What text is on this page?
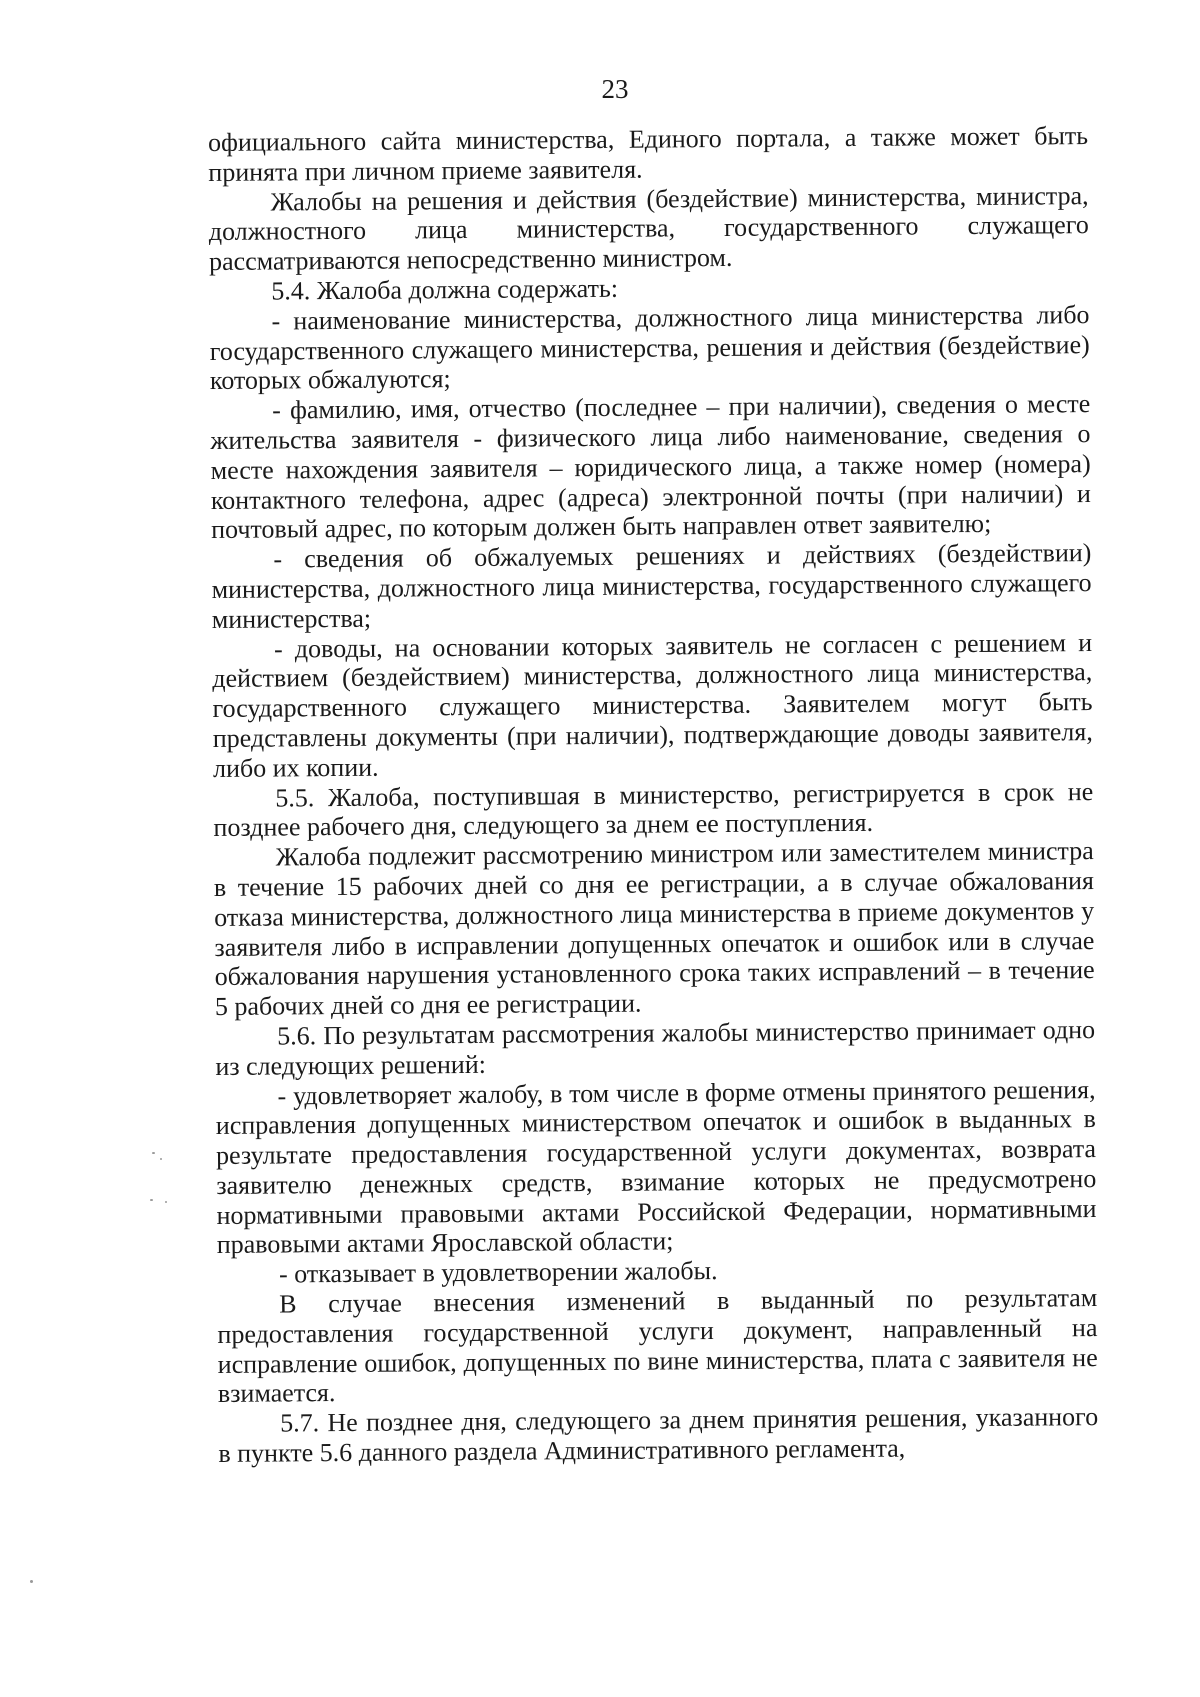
23

официального сайта министерства, Единого портала, а также может быть принята при личном приеме заявителя.

Жалобы на решения и действия (бездействие) министерства, министра, должностного лица министерства, государственного служащего рассматриваются непосредственно министром.

5.4. Жалоба должна содержать:

- наименование министерства, должностного лица министерства либо государственного служащего министерства, решения и действия (бездействие) которых обжалуются;

- фамилию, имя, отчество (последнее – при наличии), сведения о месте жительства заявителя - физического лица либо наименование, сведения о месте нахождения заявителя – юридического лица, а также номер (номера) контактного телефона, адрес (адреса) электронной почты (при наличии) и почтовый адрес, по которым должен быть направлен ответ заявителю;

- сведения об обжалуемых решениях и действиях (бездействии) министерства, должностного лица министерства, государственного служащего министерства;

- доводы, на основании которых заявитель не согласен с решением и действием (бездействием) министерства, должностного лица министерства, государственного служащего министерства. Заявителем могут быть представлены документы (при наличии), подтверждающие доводы заявителя, либо их копии.

5.5. Жалоба, поступившая в министерство, регистрируется в срок не позднее рабочего дня, следующего за днем ее поступления.

Жалоба подлежит рассмотрению министром или заместителем министра в течение 15 рабочих дней со дня ее регистрации, а в случае обжалования отказа министерства, должностного лица министерства в приеме документов у заявителя либо в исправлении допущенных опечаток и ошибок или в случае обжалования нарушения установленного срока таких исправлений – в течение 5 рабочих дней со дня ее регистрации.

5.6. По результатам рассмотрения жалобы министерство принимает одно из следующих решений:

- удовлетворяет жалобу, в том числе в форме отмены принятого решения, исправления допущенных министерством опечаток и ошибок в выданных в результате предоставления государственной услуги документах, возврата заявителю денежных средств, взимание которых не предусмотрено нормативными правовыми актами Российской Федерации, нормативными правовыми актами Ярославской области;

- отказывает в удовлетворении жалобы.

В случае внесения изменений в выданный по результатам предоставления государственной услуги документ, направленный на исправление ошибок, допущенных по вине министерства, плата с заявителя не взимается.

5.7. Не позднее дня, следующего за днем принятия решения, указанного в пункте 5.6 данного раздела Административного регламента,
